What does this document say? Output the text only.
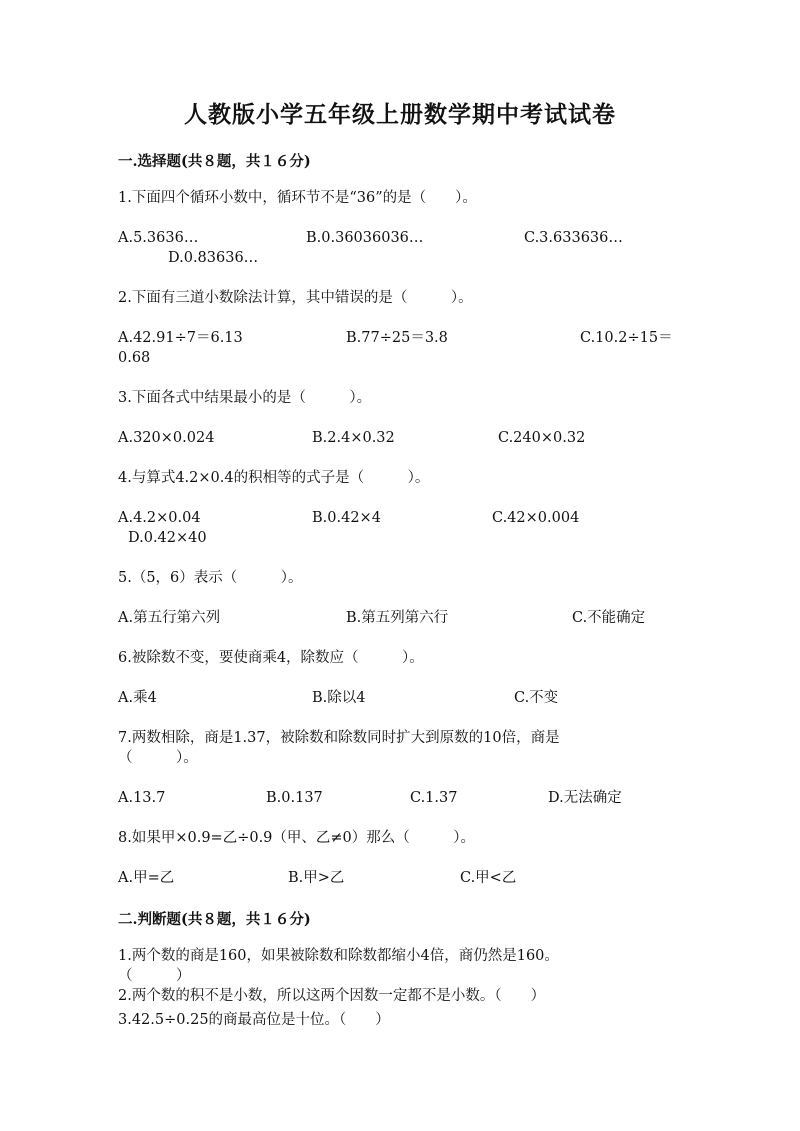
人教版小学五年级上册数学期中考试试卷
一.选择题(共８题，共１６分)
1.下面四个循环小数中，循环节不是“36”的是（　　）。
A.5.3636…	B.0.36036036…	C.3.633636…
D.0.83636…
2.下面有三道小数除法计算，其中错误的是（　　　）。
A.42.91÷7＝6.13	B.77÷25＝3.8	C.10.2÷15＝
0.68
3.下面各式中结果最小的是（　　　）。
A.320×0.024	B.2.4×0.32	C.240×0.32
4.与算式4.2×0.4的积相等的式子是（　　　）。
A.4.2×0.04	B.0.42×4	C.42×0.004
D.0.42×40
5.（5，6）表示（　　　）。
A.第五行第六列	B.第五列第六行	C.不能确定
6.被除数不变，要使商乘4，除数应（　　　）。
A.乘4	B.除以4	C.不变
7.两数相除，商是1.37，被除数和除数同时扩大到原数的10倍，商是
（　　　）。
A.13.7	B.0.137	C.1.37	D.无法确定
8.如果甲×0.9=乙÷0.9（甲、乙≠0）那么（　　　）。
A.甲=乙	B.甲>乙	C.甲<乙
二.判断题(共８题，共１６分)
1.两个数的商是160，如果被除数和除数都缩小4倍，商仍然是160。
（　　　）
2.两个数的积不是小数，所以这两个因数一定都不是小数。（　　）
3.42.5÷0.25的商最高位是十位。（　　）
